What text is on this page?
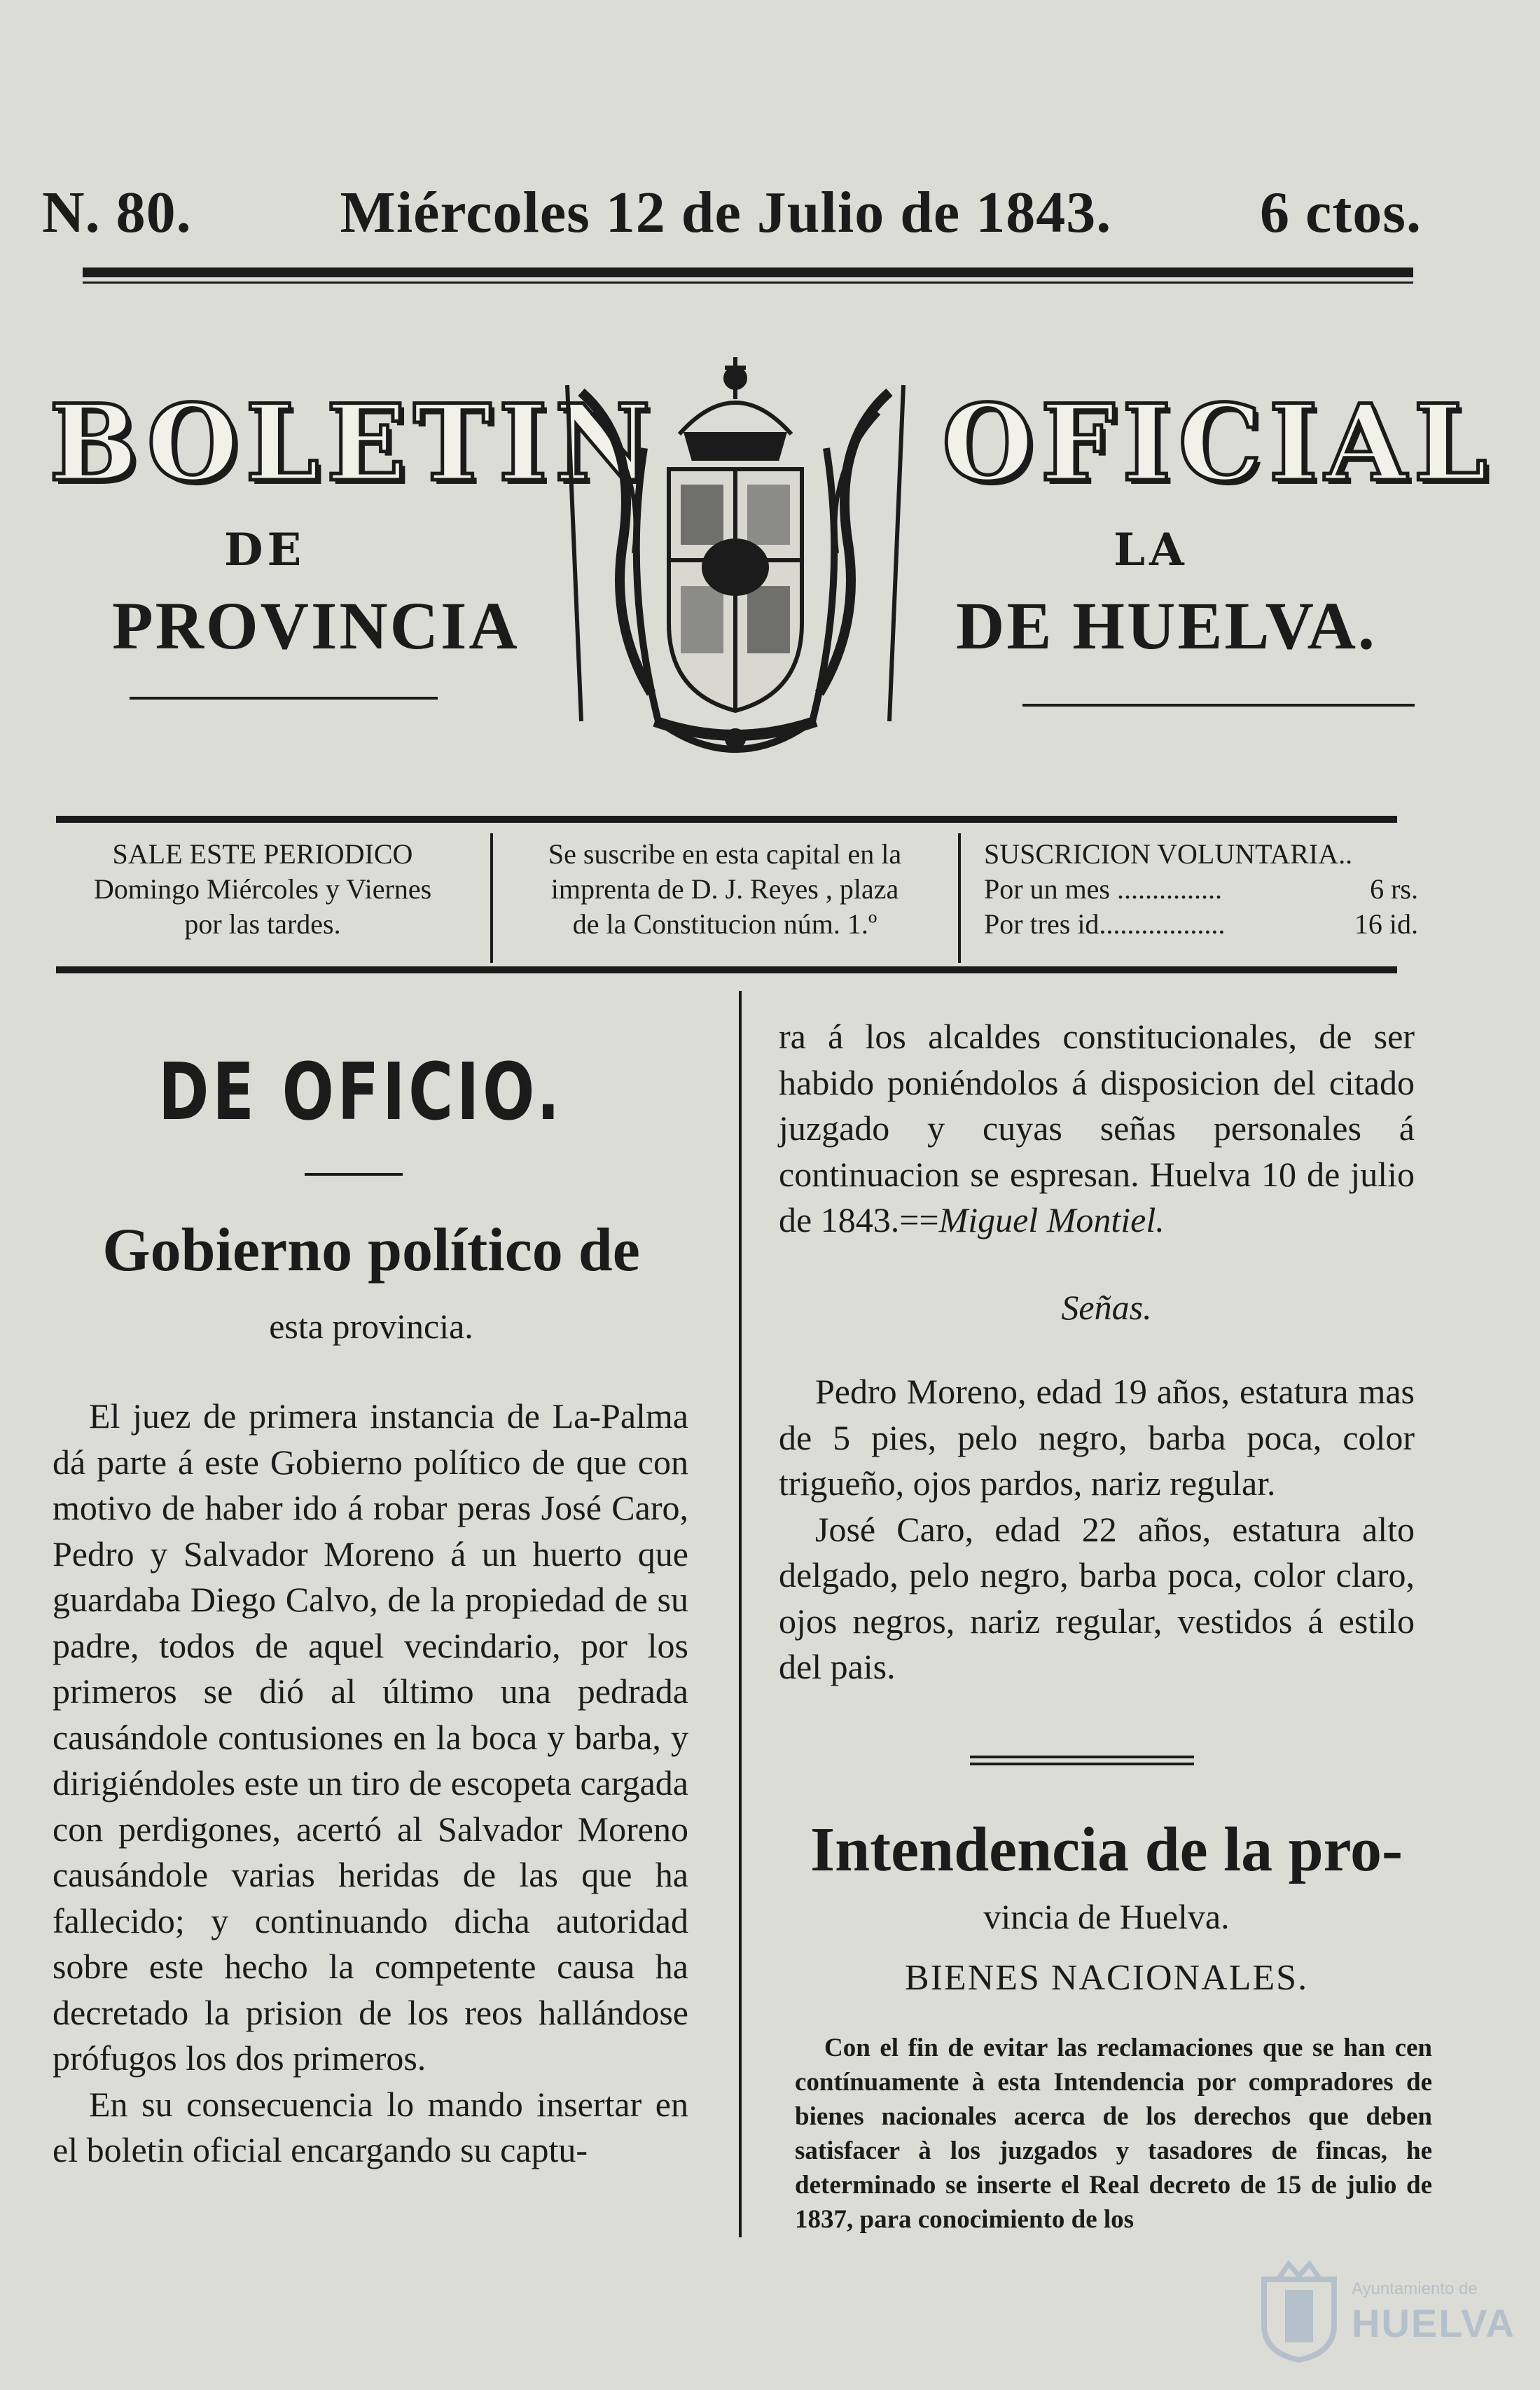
N. 80.	Miércoles 12 de Julio de 1843.	6 ctos.
BOLETIN	OFICIAL
DE	LA
PROVINCIA	DE HUELVA.
SALE ESTE PERIODICO
Domingo Miércoles y Viernes
por las tardes.
Se suscribe en esta capital en la
imprenta de D. J. Reyes , plaza
de la Constitucion núm. 1.º
SUSCRICION VOLUNTARIA..
Por un mes ...............	6 rs.
Por tres id..................	16 id.
DE OFICIO.
Gobierno político de
esta provincia.

El juez de primera instancia de La-Palma dá parte á este Gobierno político de que con motivo de haber ido á robar peras José Caro, Pedro y Salvador Moreno á un huerto que guardaba Diego Calvo, de la propiedad de su padre, todos de aquel vecindario, por los primeros se dió al último una pedrada causándole contusiones en la boca y barba, y dirigiéndoles este un tiro de escopeta cargada con perdigones, acertó al Salvador Moreno causándole varias heridas de las que ha fallecido; y continuando dicha autoridad sobre este hecho la competente causa ha decretado la prision de los reos hallándose prófugos los dos primeros.

En su consecuencia lo mando insertar en el boletin oficial encargando su captu-

ra á los alcaldes constitucionales, de ser habido poniéndolos á disposicion del citado juzgado y cuyas señas personales á continuacion se espresan. Huelva 10 de julio de 1843.==Miguel Montiel.

Señas.

Pedro Moreno, edad 19 años, estatura mas de 5 pies, pelo negro, barba poca, color trigueño, ojos pardos, nariz regular.

José Caro, edad 22 años, estatura alto delgado, pelo negro, barba poca, color claro, ojos negros, nariz regular, vestidos á estilo del pais.

Intendencia de la pro-
vincia de Huelva.
BIENES NACIONALES.

Con el fin de evitar las reclamaciones que se han cen contínuamente à esta Intendencia por compradores de bienes nacionales acerca de los derechos que deben satisfacer à los juzgados y tasadores de fincas, he determinado se inserte el Real decreto de 15 de julio de 1837, para conocimiento de los

Ayuntamiento de
HUELVA
